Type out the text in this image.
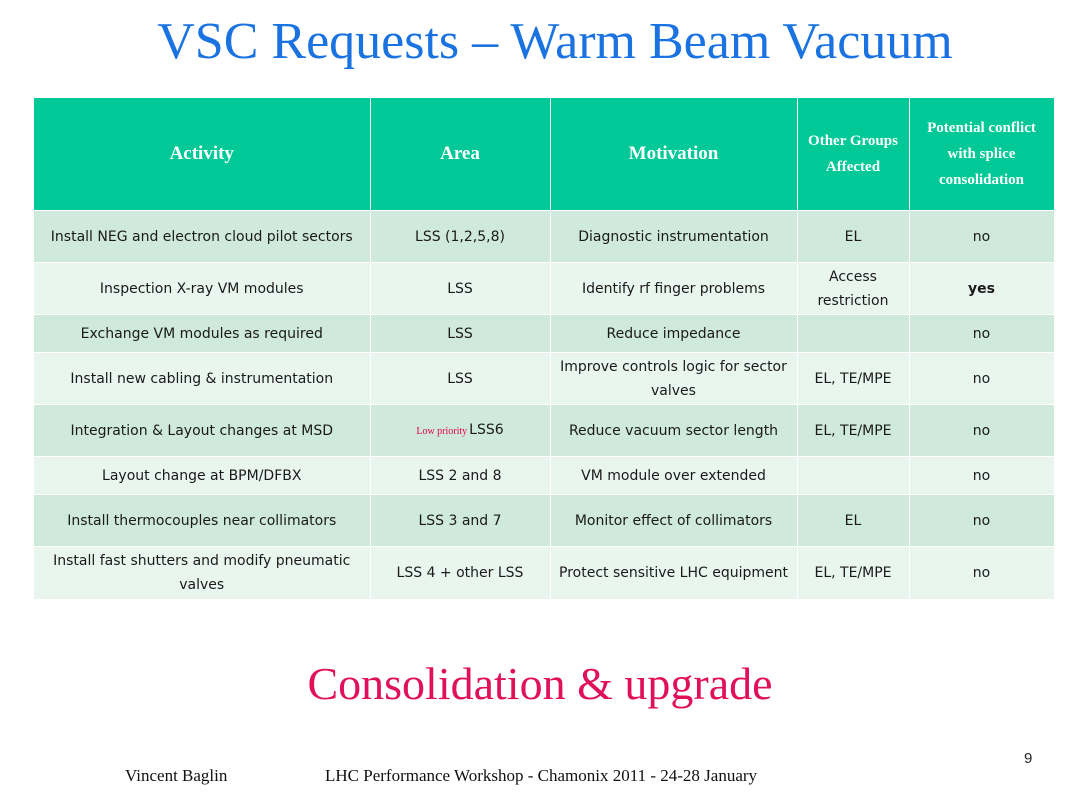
VSC Requests – Warm Beam Vacuum
Activity	Area	Motivation	Other Groups Affected	Potential conflict with splice consolidation
Install NEG and electron cloud pilot sectors	LSS (1,2,5,8)	Diagnostic instrumentation	EL	no
Inspection X-ray VM modules	LSS	Identify rf finger problems	Access restriction	yes
Exchange VM modules as required	LSS	Reduce impedance		no
Install new cabling & instrumentation	LSS	Improve controls logic for sector valves	EL, TE/MPE	no
Integration & Layout changes at MSD	Low priority LSS6	Reduce vacuum sector length	EL, TE/MPE	no
Layout change at BPM/DFBX	LSS 2 and 8	VM module over extended		no
Install thermocouples near collimators	LSS 3 and 7	Monitor effect of collimators	EL	no
Install fast shutters and modify pneumatic valves	LSS 4 + other LSS	Protect sensitive LHC equipment	EL, TE/MPE	no
Consolidation & upgrade
9
Vincent Baglin	LHC Performance Workshop - Chamonix 2011 - 24-28 January
